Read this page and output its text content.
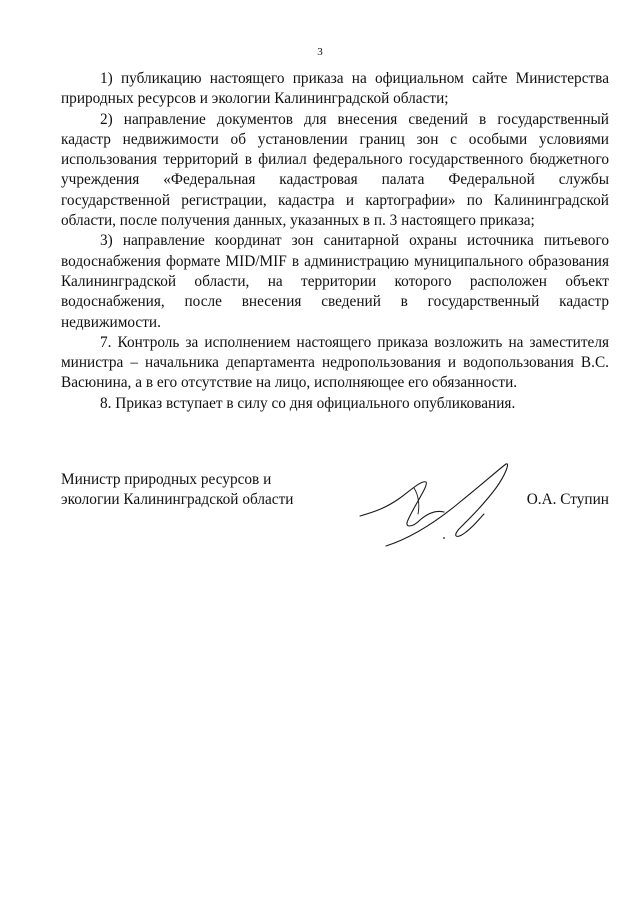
3

1) публикацию настоящего приказа на официальном сайте Министерства природных ресурсов и экологии Калининградской области;

2) направление документов для внесения сведений в государственный кадастр недвижимости об установлении границ зон с особыми условиями использования территорий в филиал федерального государственного бюджетного учреждения «Федеральная кадастровая палата Федеральной службы государственной регистрации, кадастра и картографии» по Калининградской области, после получения данных, указанных в п. 3 настоящего приказа;

3) направление координат зон санитарной охраны источника питьевого водоснабжения формате MID/MIF в администрацию муниципального образования Калининградской области, на территории которого расположен объект водоснабжения, после внесения сведений в государственный кадастр недвижимости.

7. Контроль за исполнением настоящего приказа возложить на заместителя министра – начальника департамента недропользования и водопользования В.С. Васюнина, а в его отсутствие на лицо, исполняющее его обязанности.

8. Приказ вступает в силу со дня официального опубликования.

Министр природных ресурсов и
экологии Калининградской области	О.А. Ступин
